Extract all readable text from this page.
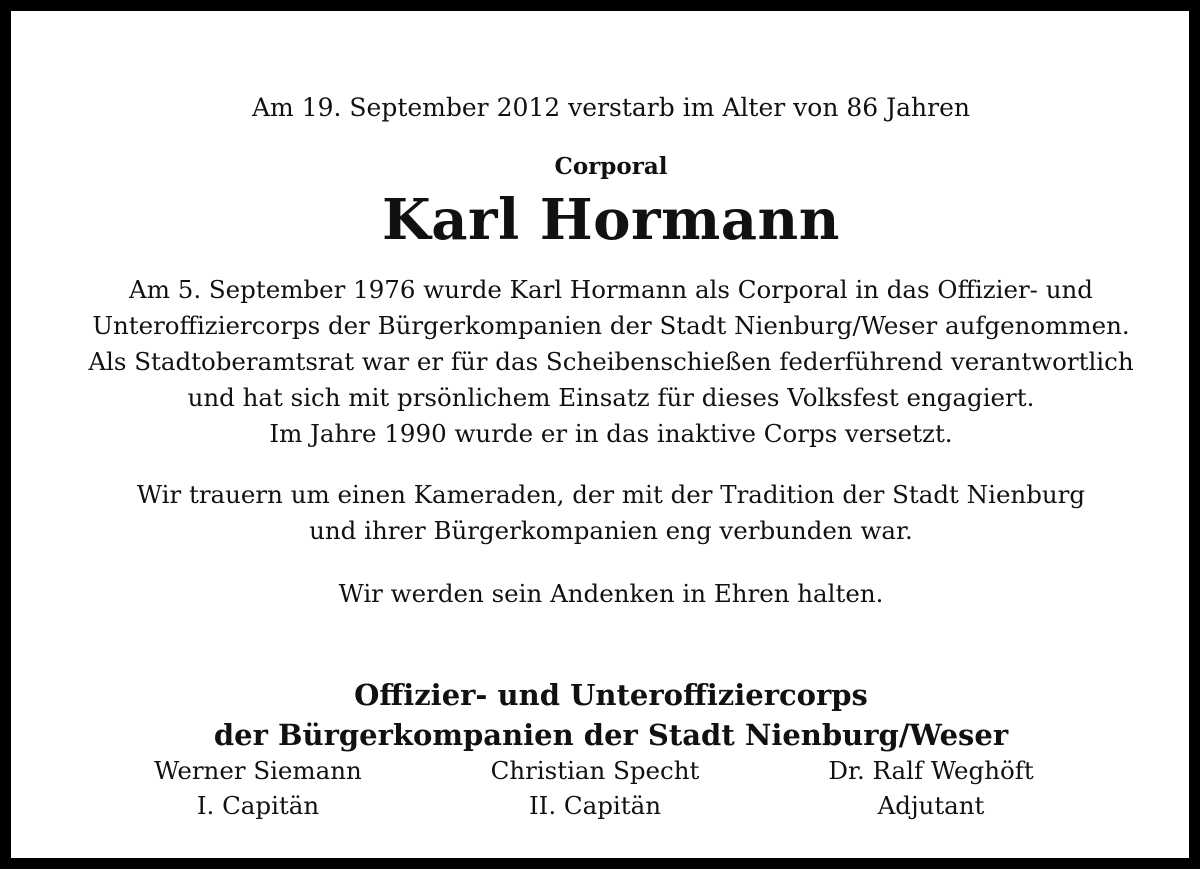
Am 19. September 2012 verstarb im Alter von 86 Jahren

Corporal

Karl Hormann

Am 5. September 1976 wurde Karl Hormann als Corporal in das Offizier- und
Unteroffiziercorps der Bürgerkompanien der Stadt Nienburg/Weser aufgenommen.
Als Stadtoberamtsrat war er für das Scheibenschießen federführend verantwortlich
und hat sich mit prsönlichem Einsatz für dieses Volksfest engagiert.
Im Jahre 1990 wurde er in das inaktive Corps versetzt.
Wir trauern um einen Kameraden, der mit der Tradition der Stadt Nienburg
und ihrer Bürgerkompanien eng verbunden war.
Wir werden sein Andenken in Ehren halten.
Offizier- und Unteroffiziercorps
der Bürgerkompanien der Stadt Nienburg/Weser
Werner Siemann
I. Capitän
Christian Specht
II. Capitän
Dr. Ralf Weghöft
Adjutant
